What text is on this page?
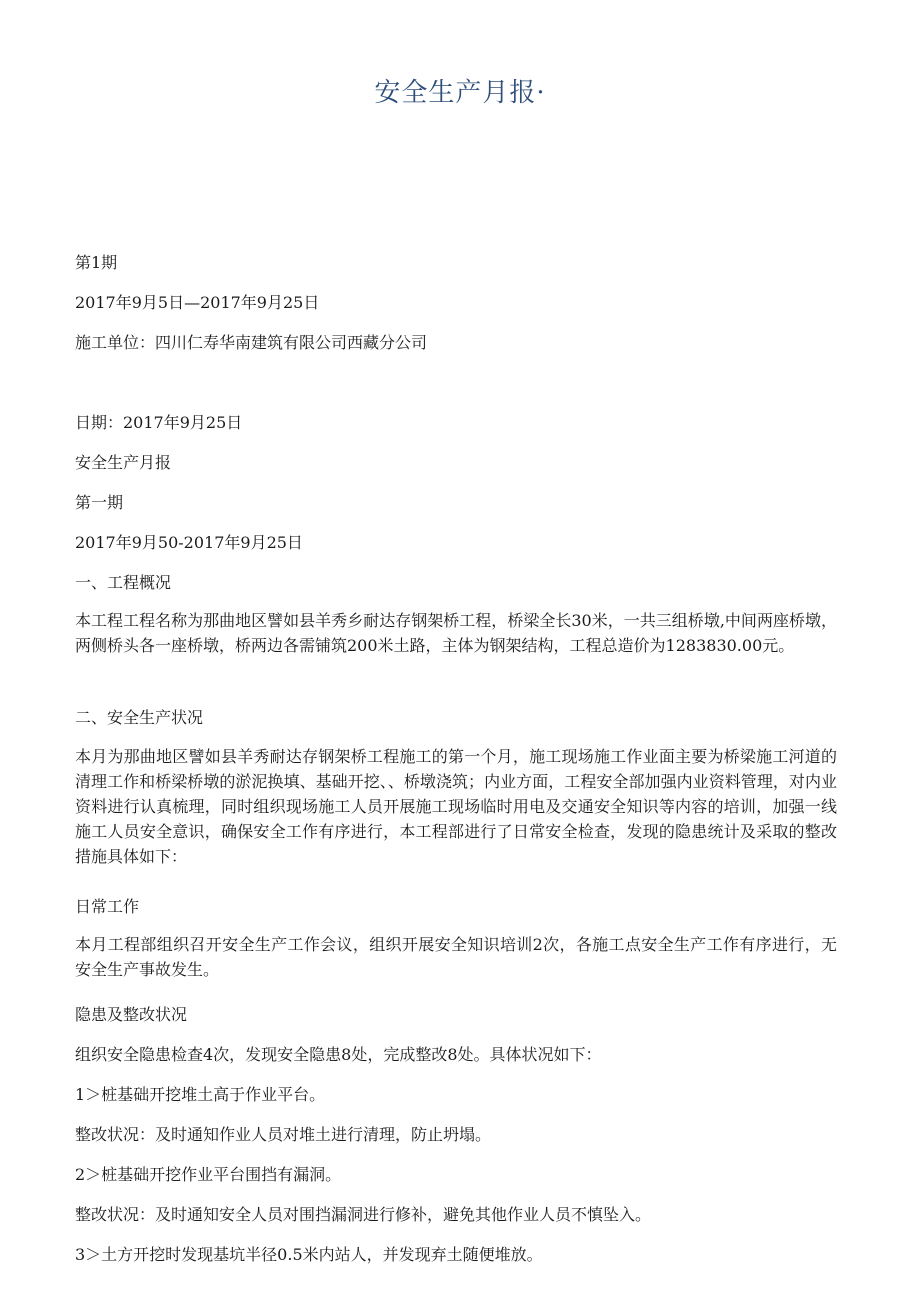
安全生产月报·
第1期
2017年9月5日—2017年9月25日
施工单位：四川仁寿华南建筑有限公司西藏分公司
日期：2017年9月25日
安全生产月报
第一期
2017年9月50-2017年9月25日
一、工程概况
本工程工程名称为那曲地区譬如县羊秀乡耐达存钢架桥工程，桥梁全长30米，一共三组桥墩,中间两座桥墩，两侧桥头各一座桥墩，桥两边各需铺筑200米土路，主体为钢架结构，工程总造价为1283830.00元。
二、安全生产状况
本月为那曲地区譬如县羊秀耐达存钢架桥工程施工的第一个月，施工现场施工作业面主要为桥梁施工河道的清理工作和桥梁桥墩的淤泥换填、基础开挖、、桥墩浇筑；内业方面，工程安全部加强内业资料管理，对内业资料进行认真梳理，同时组织现场施工人员开展施工现场临时用电及交通安全知识等内容的培训，加强一线施工人员安全意识，确保安全工作有序进行，本工程部进行了日常安全检查，发现的隐患统计及采取的整改措施具体如下：
日常工作
本月工程部组织召开安全生产工作会议，组织开展安全知识培训2次，各施工点安全生产工作有序进行，无安全生产事故发生。
隐患及整改状况
组织安全隐患检查4次，发现安全隐患8处，完成整改8处。具体状况如下：
1＞桩基础开挖堆土高于作业平台。
整改状况：及时通知作业人员对堆土进行清理，防止坍塌。
2＞桩基础开挖作业平台围挡有漏洞。
整改状况：及时通知安全人员对围挡漏洞进行修补，避免其他作业人员不慎坠入。
3＞土方开挖时发现基坑半径0.5米内站人，并发现弃土随便堆放。
